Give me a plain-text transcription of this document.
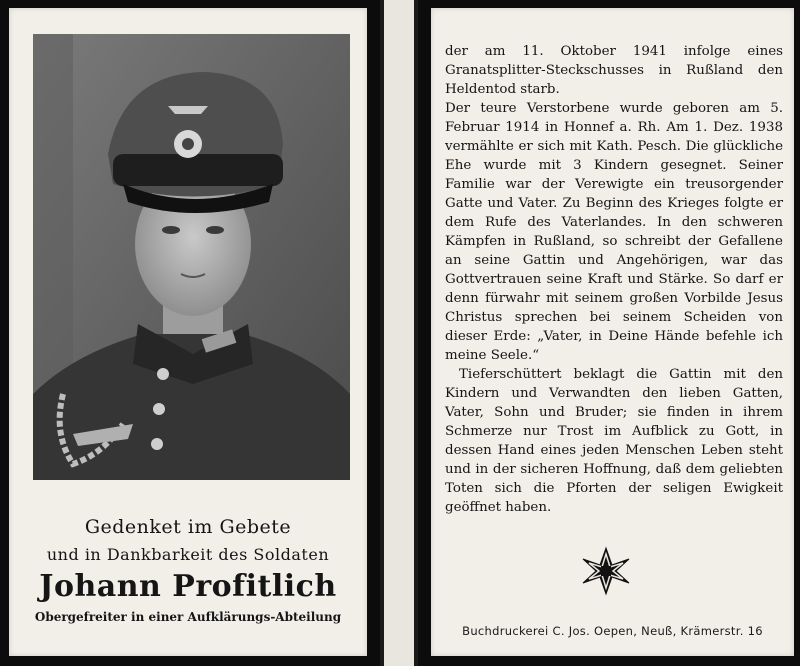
Gedenket im Gebete
und in Dankbarkeit des Soldaten
Johann Profitlich
Obergefreiter in einer Aufklärungs-Abteilung

der am 11. Oktober 1941 infolge eines Granatsplitter-Steckschusses in Rußland den Heldentod starb.

Der teure Verstorbene wurde geboren am 5. Februar 1914 in Honnef a. Rh. Am 1. Dez. 1938 vermählte er sich mit Kath. Pesch. Die glückliche Ehe wurde mit 3 Kindern gesegnet. Seiner Familie war der Verewigte ein treusorgender Gatte und Vater. Zu Beginn des Krieges folgte er dem Rufe des Vaterlandes. In den schweren Kämpfen in Rußland, so schreibt der Gefallene an seine Gattin und Angehörigen, war das Gottvertrauen seine Kraft und Stärke. So darf er denn fürwahr mit seinem großen Vorbilde Jesus Christus sprechen bei seinem Scheiden von dieser Erde: „Vater, in Deine Hände befehle ich meine Seele.“

Tieferschüttert beklagt die Gattin mit den Kindern und Verwandten den lieben Gatten, Vater, Sohn und Bruder; sie finden in ihrem Schmerze nur Trost im Aufblick zu Gott, in dessen Hand eines jeden Menschen Leben steht und in der sicheren Hoffnung, daß dem geliebten Toten sich die Pforten der seligen Ewigkeit geöffnet haben.

Buchdruckerei C. Jos. Oepen, Neuß, Krämerstr. 16
